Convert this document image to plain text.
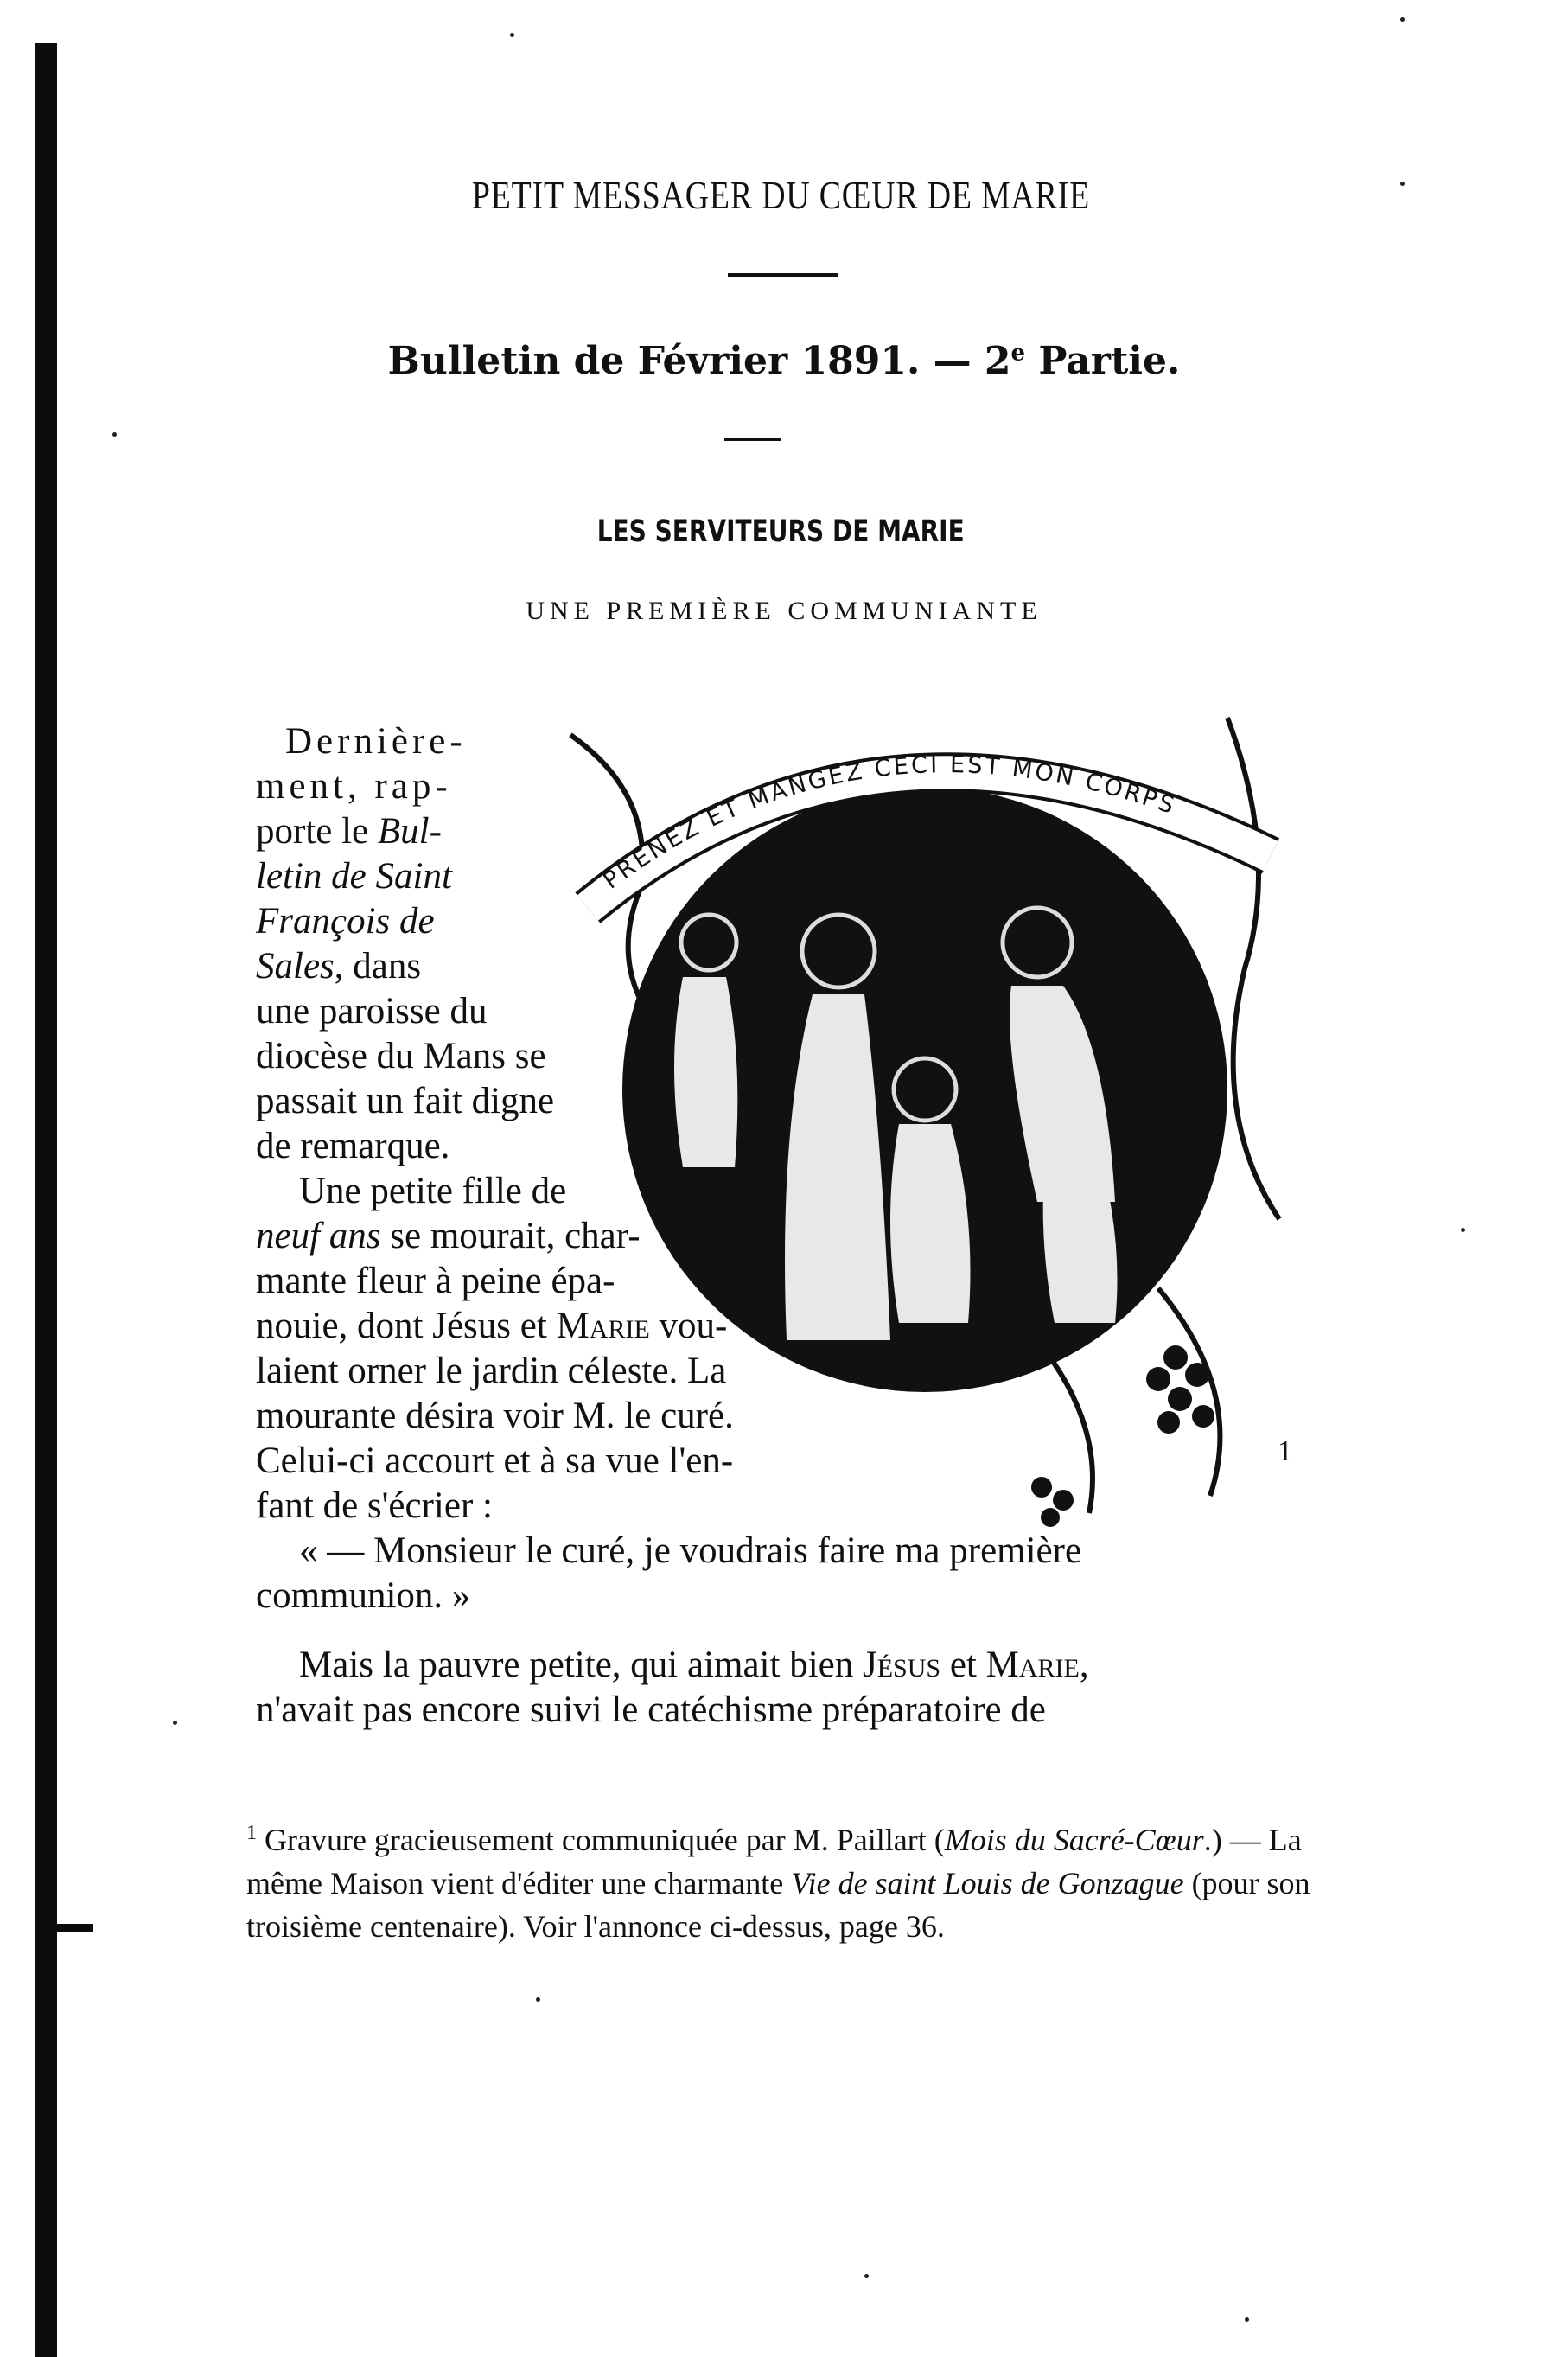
PETIT MESSAGER DU CŒUR DE MARIE
Bulletin de Février 1891. — 2e Partie.
LES SERVITEURS DE MARIE
UNE PREMIÈRE COMMUNIANTE
PRENEZ ET MANGEZ CECI EST MON CORPS
1
Dernière-
ment, rap-
porte le Bul-
letin de Saint
François de
Sales, dans
une paroisse du
diocèse du Mans se
passait un fait digne
de remarque.
Une petite fille de
neuf ans se mourait, char-
mante fleur à peine épa-
nouie, dont Jésus et Marie vou-
laient orner le jardin céleste. La
mourante désira voir M. le curé.
Celui-ci accourt et à sa vue l'en-
fant de s'écrier :
« — Monsieur le curé, je voudrais faire ma première
communion. »
Mais la pauvre petite, qui aimait bien Jésus et Marie,
n'avait pas encore suivi le catéchisme préparatoire de
$^1$ Gravure gracieusement communiquée par M. Paillart (Mois du Sacré-Cœur.) — La même Maison vient d'éditer une charmante Vie de saint Louis de Gonzague (pour son troisième centenaire). Voir l'annonce ci-dessus, page 36.
